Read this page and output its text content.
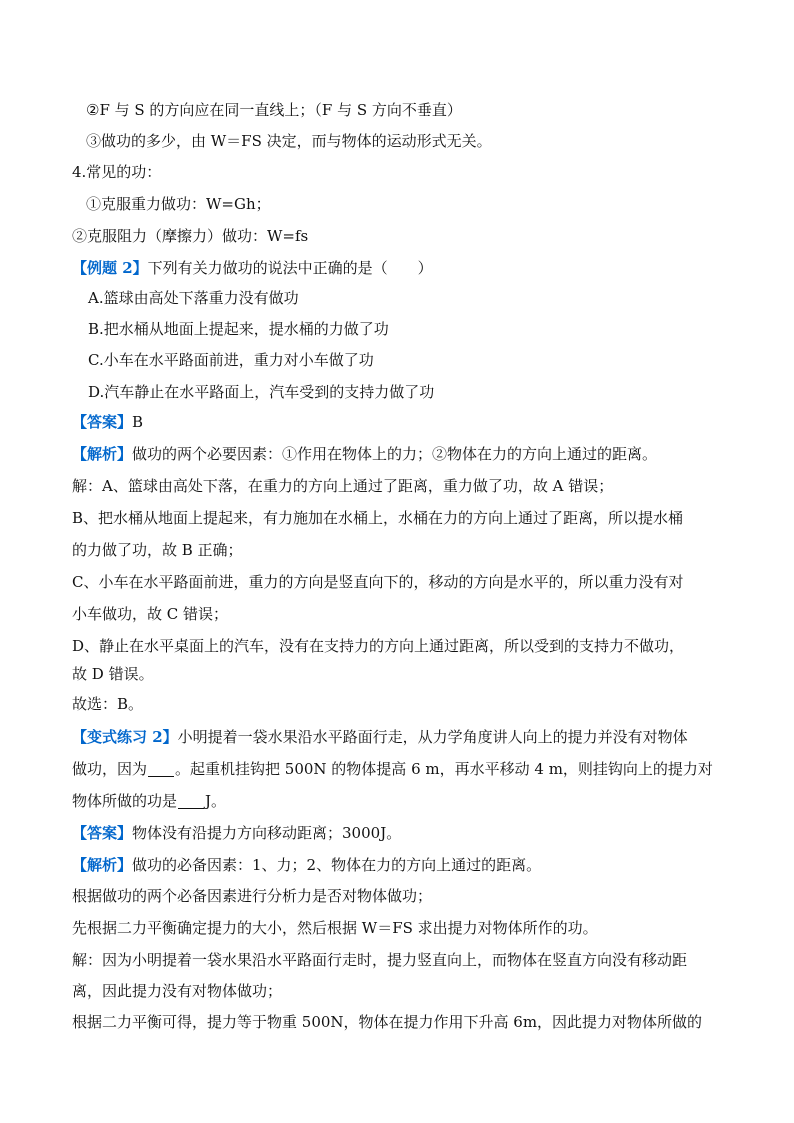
②F 与 S 的方向应在同一直线上；（F 与 S 方向不垂直）
③做功的多少，由 W＝FS 决定，而与物体的运动形式无关。
4.常见的功：
①克服重力做功：W=Gh；
②克服阻力（摩擦力）做功：W=fs
【例题 2】下列有关力做功的说法中正确的是（　　）
A.篮球由高处下落重力没有做功
B.把水桶从地面上提起来，提水桶的力做了功
C.小车在水平路面前进，重力对小车做了功
D.汽车静止在水平路面上，汽车受到的支持力做了功
【答案】B
【解析】做功的两个必要因素：①作用在物体上的力；②物体在力的方向上通过的距离。
解：A、篮球由高处下落，在重力的方向上通过了距离，重力做了功，故 A 错误；
B、把水桶从地面上提起来，有力施加在水桶上，水桶在力的方向上通过了距离，所以提水桶
的力做了功，故 B 正确；
C、小车在水平路面前进，重力的方向是竖直向下的，移动的方向是水平的，所以重力没有对
小车做功，故 C 错误；
D、静止在水平桌面上的汽车，没有在支持力的方向上通过距离，所以受到的支持力不做功，
故 D 错误。
故选：B。
【变式练习 2】小明提着一袋水果沿水平路面行走，从力学角度讲人向上的提力并没有对物体
做功，因为 。起重机挂钩把 500N 的物体提高 6 m，再水平移动 4 m，则挂钩向上的提力对
物体所做的功是 J。
【答案】物体没有沿提力方向移动距离；3000J。
【解析】做功的必备因素：1、力；2、物体在力的方向上通过的距离。
根据做功的两个必备因素进行分析力是否对物体做功；
先根据二力平衡确定提力的大小，然后根据 W＝FS 求出提力对物体所作的功。
解：因为小明提着一袋水果沿水平路面行走时，提力竖直向上，而物体在竖直方向没有移动距
离，因此提力没有对物体做功；
根据二力平衡可得，提力等于物重 500N，物体在提力作用下升高 6m，因此提力对物体所做的
